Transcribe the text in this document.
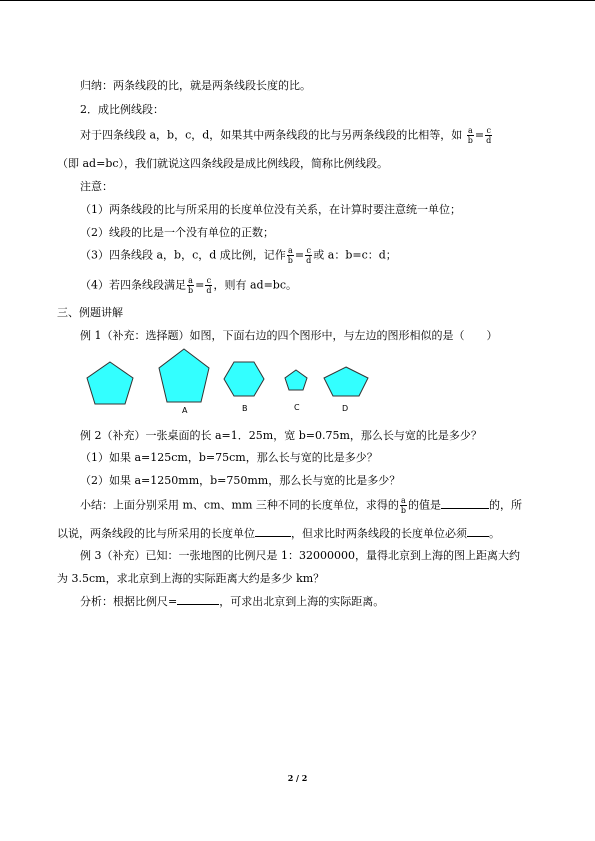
归纳：两条线段的比，就是两条线段长度的比。
2．成比例线段：
对于四条线段 a，b，c，d，如果其中两条线段的比与另两条线段的比相等，如 $\frac{a}{b} = \frac{c}{d}$
（即 ad=bc），我们就说这四条线段是成比例线段，简称比例线段。
注意：
（1）两条线段的比与所采用的长度单位没有关系，在计算时要注意统一单位；
（2）线段的比是一个没有单位的正数；
（3）四条线段 a，b，c，d 成比例，记作 $\frac{a}{b} = \frac{c}{d}$ 或 a：b=c：d；
（4）若四条线段满足 $\frac{a}{b} = \frac{c}{d}$ ，则有 ad=bc。
三、例题讲解
例 1（补充：选择题）如图，下面右边的四个图形中，与左边的图形相似的是（　　）
A	B	C	D
例 2（补充）一张桌面的长 a=1．25m，宽 b=0.75m，那么长与宽的比是多少？
（1）如果 a=125cm，b=75cm，那么长与宽的比是多少？
（2）如果 a=1250mm，b=750mm，那么长与宽的比是多少？
小结：上面分别采用 m、cm、mm 三种不同的长度单位，求得的 $\frac{a}{b}$ 的值是	的，所
以说，两条线段的比与所采用的长度单位	，但求比时两条线段的长度单位必须 。
例 3（补充）已知：一张地图的比例尺是 1：32000000，量得北京到上海的图上距离大约
为 3.5cm，求北京到上海的实际距离大约是多少 km？
分析：根据比例尺=	，可求出北京到上海的实际距离。
2 / 2
